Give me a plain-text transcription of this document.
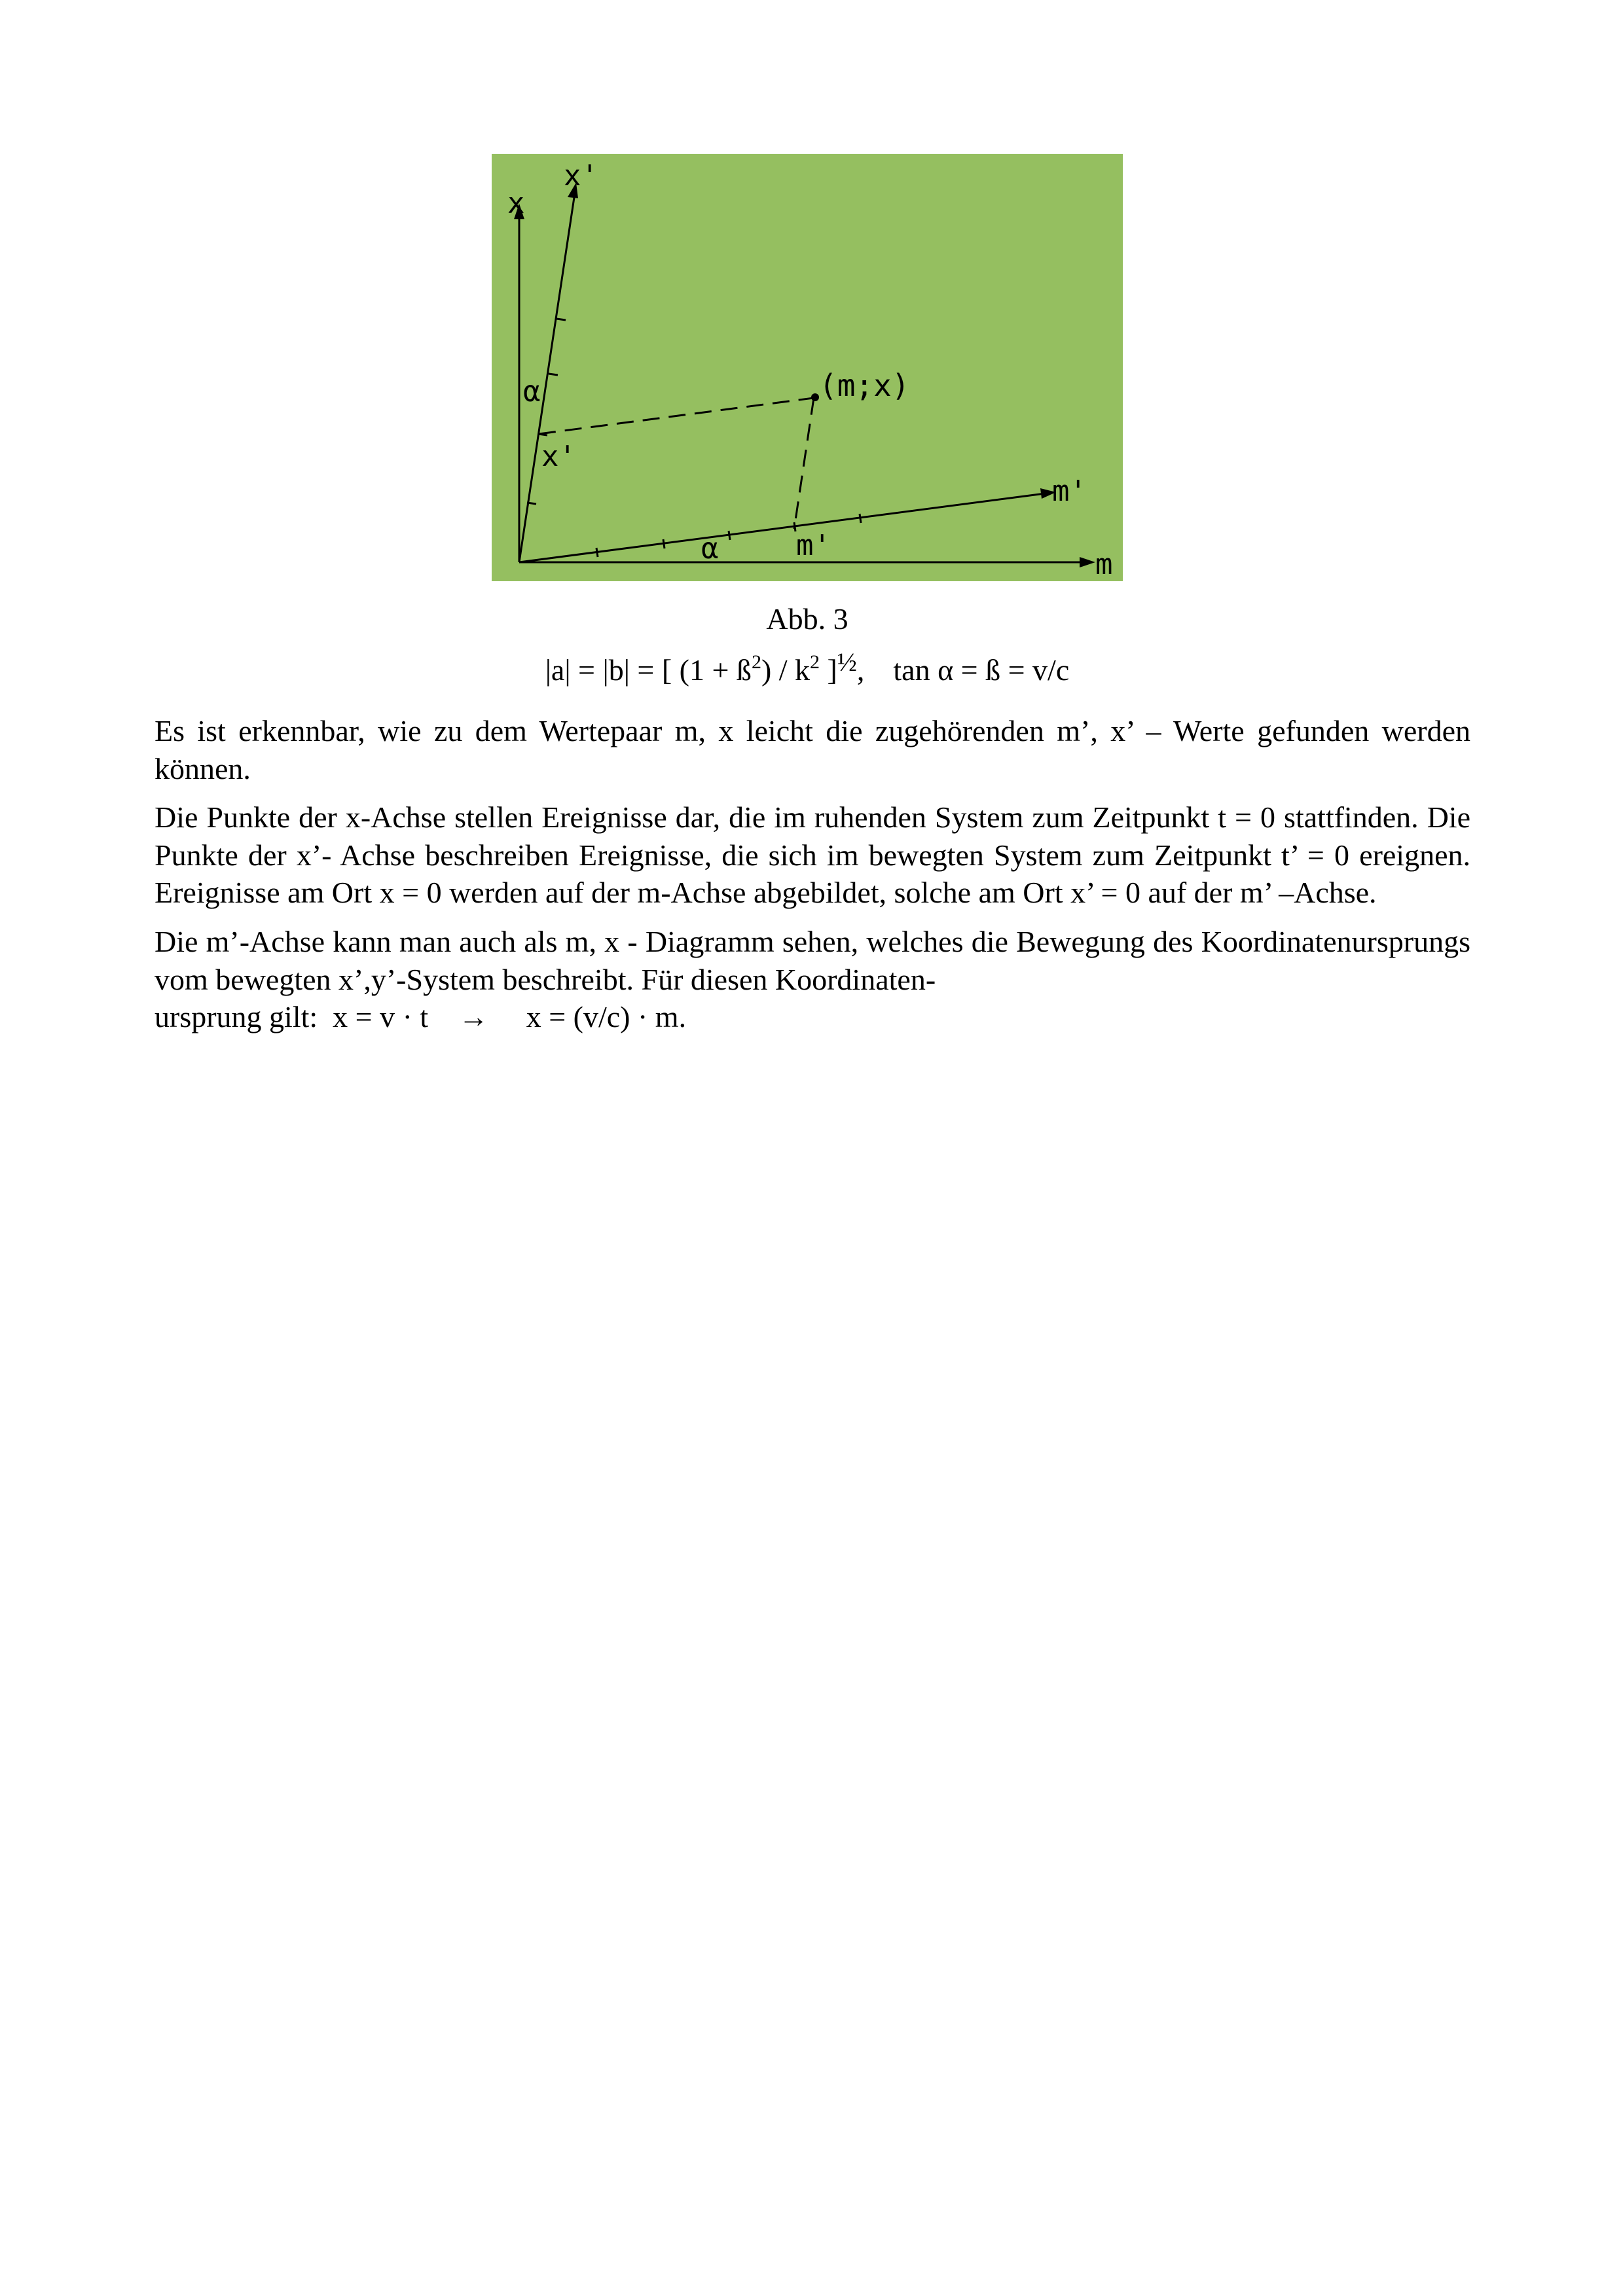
x
x'
α
x'
(m;x)
m'
m'
α	m
Abb. 3
|a| = |b| = [ $(1 + ß^2) / k^2$ ]½, tan α = ß = v/c

Es ist erkennbar, wie zu dem Wertepaar m, x leicht die zugehörenden m’, x’ – Werte gefunden werden können.

Die Punkte der x-Achse stellen Ereignisse dar, die im ruhenden System zum Zeitpunkt t = 0 stattfinden. Die Punkte der x’- Achse beschreiben Ereignisse, die sich im bewegten System zum Zeitpunkt t’ = 0 ereignen. Ereignisse am Ort x = 0 werden auf der m-Achse abgebildet, solche am Ort x’ = 0 auf der m’ –Achse.

Die m’-Achse kann man auch als m, x - Diagramm sehen, welches die Bewegung des Koordinatenursprungs vom bewegten x’,y’-System beschreibt. Für diesen Koordinaten-
ursprung gilt:  x = v · t    →     x = (v/c) · m.
